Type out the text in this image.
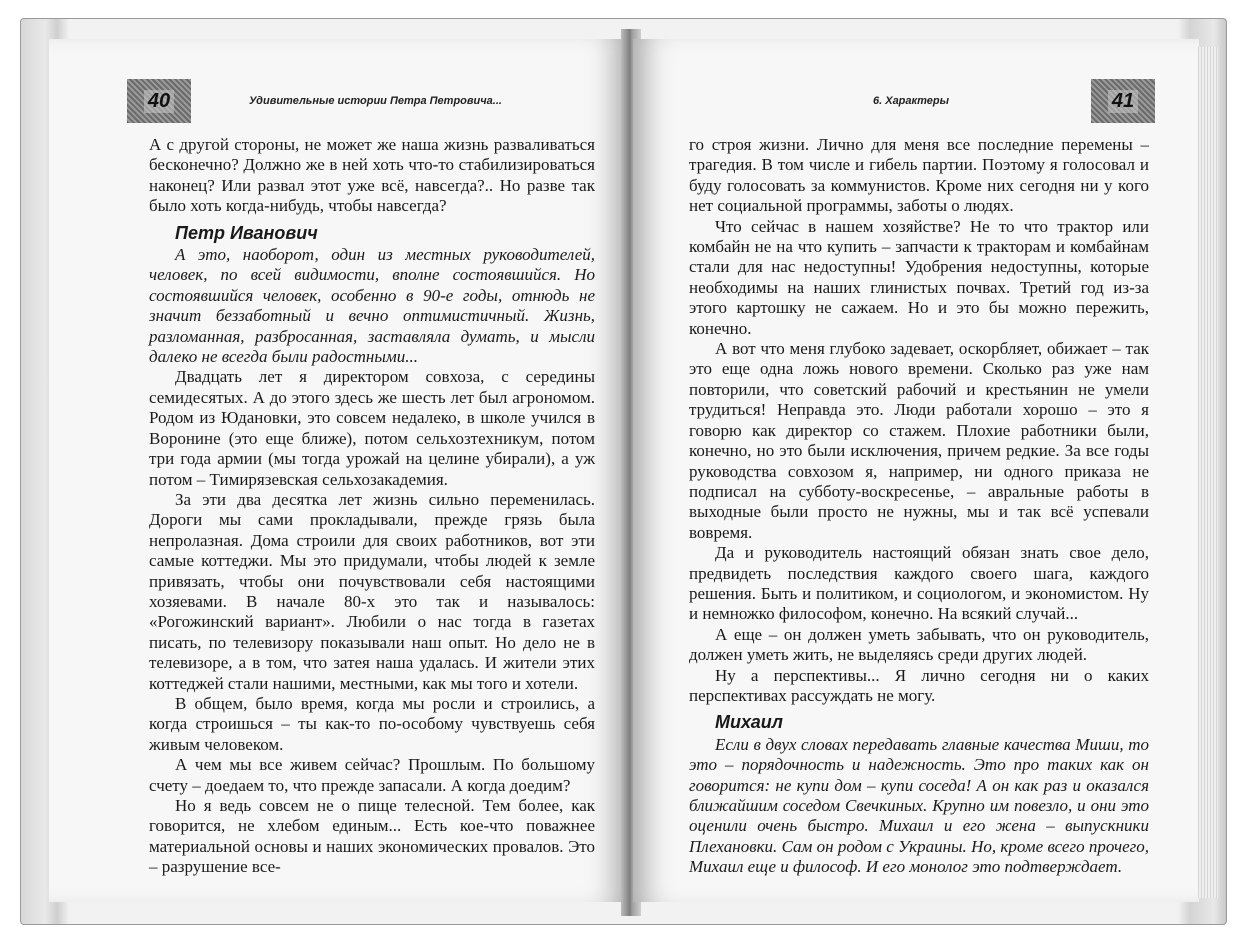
40	Удивительные истории Петра Петровича...

А с другой стороны, не может же наша жизнь разваливаться бесконечно? Должно же в ней хоть что-то стабилизироваться наконец? Или развал этот уже всё, навсегда?.. Но разве так было хоть когда-нибудь, чтобы навсегда?

Петр Иванович

А это, наоборот, один из местных руководителей, человек, по всей видимости, вполне состоявшийся. Но состоявшийся человек, особенно в 90-е годы, отнюдь не значит беззаботный и вечно оптимистичный. Жизнь, разломанная, разбросанная, заставляла думать, и мысли далеко не всегда были радостными...

Двадцать лет я директором совхоза, с середины семидесятых. А до этого здесь же шесть лет был агрономом. Родом из Юдановки, это совсем недалеко, в школе учился в Воронине (это еще ближе), потом сельхозтехникум, потом три года армии (мы тогда урожай на целине убирали), а уж потом – Тимирязевская сельхозакадемия.

За эти два десятка лет жизнь сильно переменилась. Дороги мы сами прокладывали, прежде грязь была непролазная. Дома строили для своих работников, вот эти самые коттеджи. Мы это придумали, чтобы людей к земле привязать, чтобы они почувствовали себя настоящими хозяевами. В начале 80-х это так и называлось: «Рогожинский вариант». Любили о нас тогда в газетах писать, по телевизору показывали наш опыт. Но дело не в телевизоре, а в том, что затея наша удалась. И жители этих коттеджей стали нашими, местными, как мы того и хотели.

В общем, было время, когда мы росли и строились, а когда строишься – ты как-то по-особому чувствуешь себя живым человеком.

А чем мы все живем сейчас? Прошлым. По большому счету – доедаем то, что прежде запасали. А когда доедим?

Но я ведь совсем не о пище телесной. Тем более, как говорится, не хлебом единым... Есть кое-что поважнее материальной основы и наших экономических провалов. Это – разрушение все-

6. Характеры	41

го строя жизни. Лично для меня все последние перемены – трагедия. В том числе и гибель партии. Поэтому я голосовал и буду голосовать за коммунистов. Кроме них сегодня ни у кого нет социальной программы, заботы о людях.

Что сейчас в нашем хозяйстве? Не то что трактор или комбайн не на что купить – запчасти к тракторам и комбайнам стали для нас недоступны! Удобрения недоступны, которые необходимы на наших глинистых почвах. Третий год из-за этого картошку не сажаем. Но и это бы можно пережить, конечно.

А вот что меня глубоко задевает, оскорбляет, обижает – так это еще одна ложь нового времени. Сколько раз уже нам повторили, что советский рабочий и крестьянин не умели трудиться! Неправда это. Люди работали хорошо – это я говорю как директор со стажем. Плохие работники были, конечно, но это были исключения, причем редкие. За все годы руководства совхозом я, например, ни одного приказа не подписал на субботу-воскресенье, – авральные работы в выходные были просто не нужны, мы и так всё успевали вовремя.

Да и руководитель настоящий обязан знать свое дело, предвидеть последствия каждого своего шага, каждого решения. Быть и политиком, и социологом, и экономистом. Ну и немножко философом, конечно. На всякий случай...

А еще – он должен уметь забывать, что он руководитель, должен уметь жить, не выделяясь среди других людей.

Ну а перспективы... Я лично сегодня ни о каких перспективах рассуждать не могу.

Михаил

Если в двух словах передавать главные качества Миши, то это – порядочность и надежность. Это про таких как он говорится: не купи дом – купи соседа! А он как раз и оказался ближайшим соседом Свечкиных. Крупно им повезло, и они это оценили очень быстро. Михаил и его жена – выпускники Плехановки. Сам он родом с Украины. Но, кроме всего прочего, Михаил еще и философ. И его монолог это подтверждает.
